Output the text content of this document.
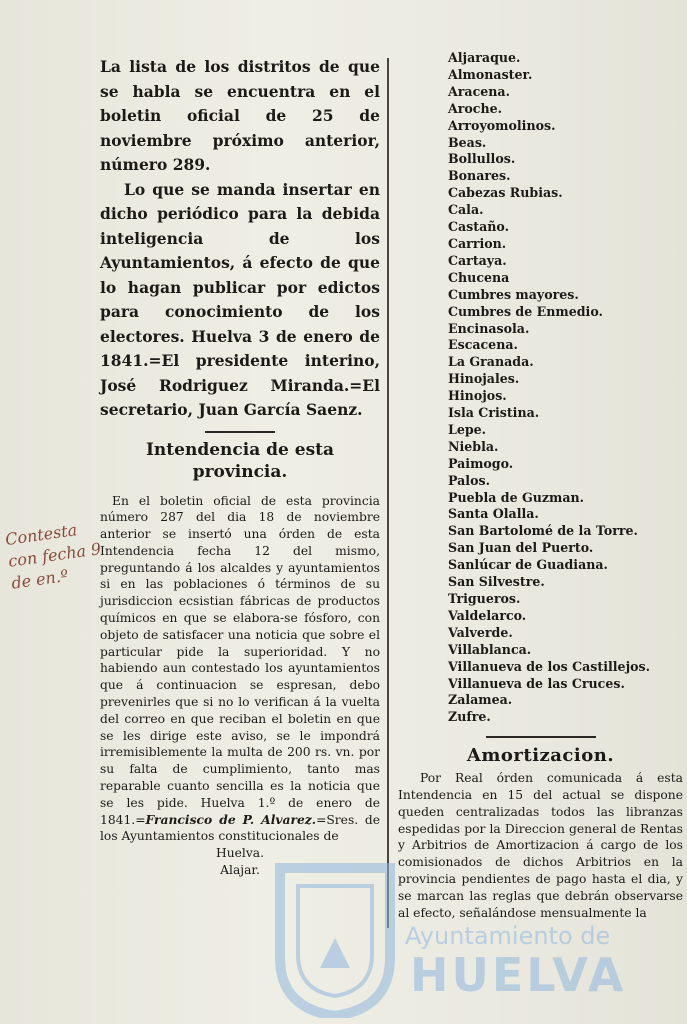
La lista de los distritos de que se habla se encuentra en el boletin oficial de 25 de noviembre próximo anterior, número 289.

Lo que se manda insertar en dicho periódico para la debida inteligencia de los Ayuntamientos, á efecto de que lo hagan publicar por edictos para conocimiento de los electores. Huelva 3 de enero de 1841.=El presidente interino, José Rodriguez Miranda.=El secretario, Juan García Saenz.

Intendencia de esta provincia.

En el boletin oficial de esta provincia número 287 del dia 18 de noviembre anterior se insertó una órden de esta Intendencia fecha 12 del mismo, preguntando á los alcaldes y ayuntamientos si en las poblaciones ó términos de su jurisdiccion ecsistian fábricas de productos químicos en que se elabora-se fósforo, con objeto de satisfacer una noticia que sobre el particular pide la superioridad. Y no habiendo aun contestado los ayuntamientos que á continuacion se espresan, debo prevenirles que si no lo verifican á la vuelta del correo en que reciban el boletin en que se les dirige este aviso, se le impondrá irremisiblemente la multa de 200 rs. vn. por su falta de cumplimiento, tanto mas reparable cuanto sencilla es la noticia que se les pide. Huelva 1.º de enero de 1841.=Francisco de P. Alvarez.=Sres. de los Ayuntamientos constitucionales de

Huelva.

Alajar.

Aljaraque.
Almonaster.
Aracena.
Aroche.
Arroyomolinos.
Beas.
Bollullos.
Bonares.
Cabezas Rubias.
Cala.
Castaño.
Carrion.
Cartaya.
Chucena
Cumbres mayores.
Cumbres de Enmedio.
Encinasola.
Escacena.
La Granada.
Hinojales.
Hinojos.
Isla Cristina.
Lepe.
Niebla.
Paimogo.
Palos.
Puebla de Guzman.
Santa Olalla.
San Bartolomé de la Torre.
San Juan del Puerto.
Sanlúcar de Guadiana.
San Silvestre.
Trigueros.
Valdelarco.
Valverde.
Villablanca.
Villanueva de los Castillejos.
Villanueva de las Cruces.
Zalamea.
Zufre.
Amortizacion.

Por Real órden comunicada á esta Intendencia en 15 del actual se dispone queden centralizadas todos las libranzas espedidas por la Direccion general de Rentas y Arbitrios de Amortizacion á cargo de los comisionados de dichos Arbitrios en la provincia pendientes de pago hasta el dia, y se marcan las reglas que debrán observarse al efecto, señalándose mensualmente la

Contesta con fecha 9 de en.º
Ayuntamiento de
HUELVA
